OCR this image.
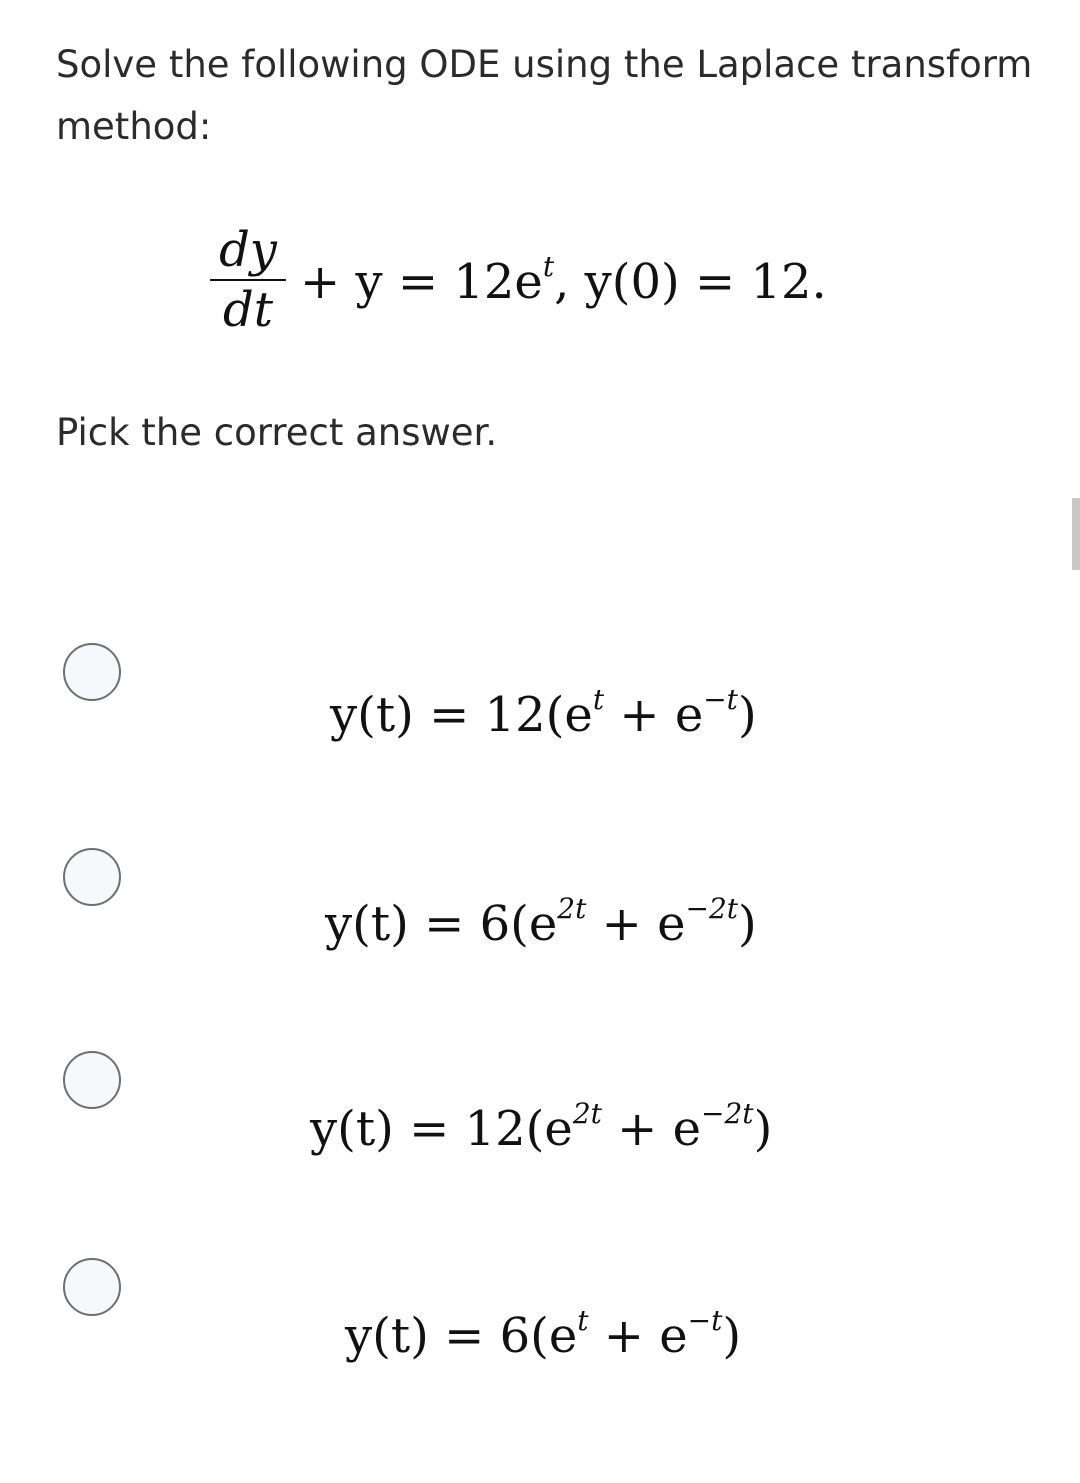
Solve the following ODE using the Laplace transform method:

$\frac{dy}{dt} + y = 12e^t$, y(0) = 12.

Pick the correct answer.

$y(t) = 12(e^t + e^{-t})$
$y(t) = 6(e^{2t} + e^{-2t})$
$y(t) = 12(e^{2t} + e^{-2t})$
$y(t) = 6(e^t + e^{-t})$
